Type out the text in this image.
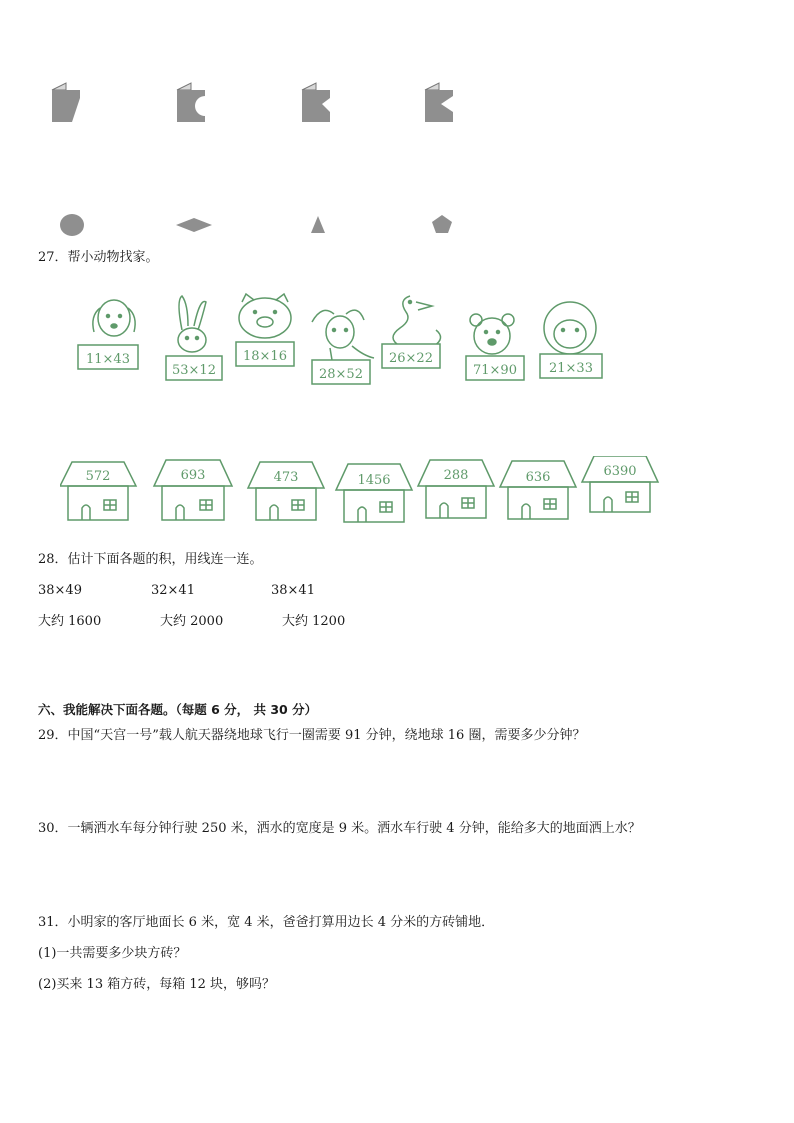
27．帮小动物找家。
11×43
53×12
18×16
28×52
26×22
71×90 21×33
572	693	473	1456	288	636	6390
28．估计下面各题的积，用线连一连。
38×49	32×41	38×41
大约 1600	大约 2000	大约 1200
六、我能解决下面各题。（每题 6 分， 共 30 分）
29．中国“天宫一号”载人航天器绕地球飞行一圈需要 91 分钟，绕地球 16 圈，需要多少分钟？
30．一辆洒水车每分钟行驶 250 米，洒水的宽度是 9 米。洒水车行驶 4 分钟，能给多大的地面洒上水？
31．小明家的客厅地面长 6 米，宽 4 米，爸爸打算用边长 4 分米的方砖铺地．
(1)一共需要多少块方砖？
(2)买来 13 箱方砖，每箱 12 块，够吗？
